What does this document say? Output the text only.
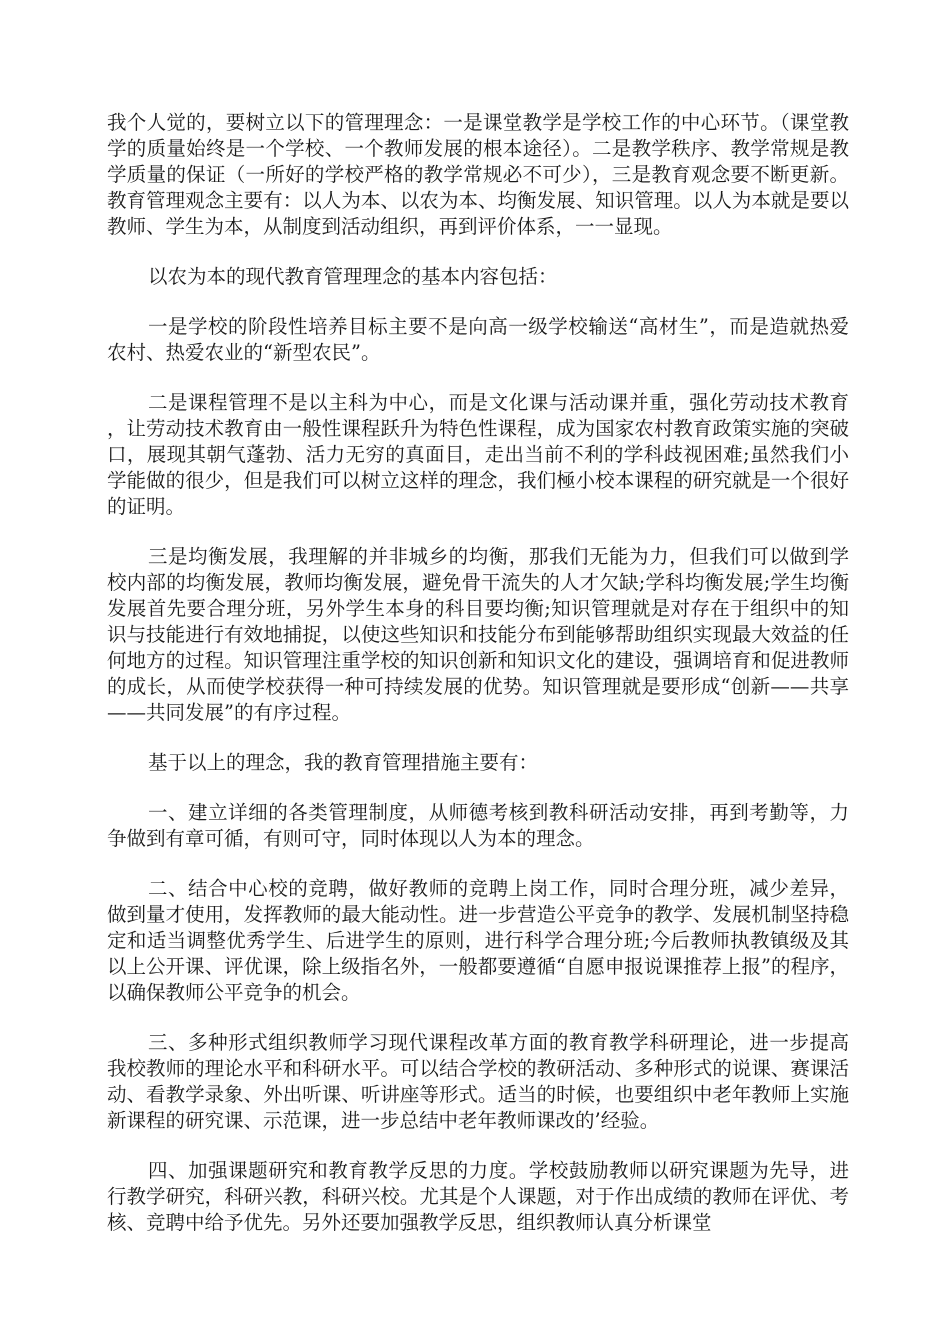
我个人觉的，要树立以下的管理理念：一是课堂教学是学校工作的中心环节。（课堂教学的质量始终是一个学校、一个教师发展的根本途径）。二是教学秩序、教学常规是教学质量的保证（一所好的学校严格的教学常规必不可少），三是教育观念要不断更新。教育管理观念主要有：以人为本、以农为本、均衡发展、知识管理。以人为本就是要以教师、学生为本，从制度到活动组织，再到评价体系，一一显现。

以农为本的现代教育管理理念的基本内容包括：

一是学校的阶段性培养目标主要不是向高一级学校输送“高材生”，而是造就热爱农村、热爱农业的“新型农民”。

二是课程管理不是以主科为中心，而是文化课与活动课并重，强化劳动技术教育，让劳动技术教育由一般性课程跃升为特色性课程，成为国家农村教育政策实施的突破口，展现其朝气蓬勃、活力无穷的真面目，走出当前不利的学科歧视困难;虽然我们小学能做的很少，但是我们可以树立这样的理念，我们極小校本课程的研究就是一个很好的证明。

三是均衡发展，我理解的并非城乡的均衡，那我们无能为力，但我们可以做到学校内部的均衡发展，教师均衡发展，避免骨干流失的人才欠缺;学科均衡发展;学生均衡发展首先要合理分班，另外学生本身的科目要均衡;知识管理就是对存在于组织中的知识与技能进行有效地捕捉，以使这些知识和技能分布到能够帮助组织实现最大效益的任何地方的过程。知识管理注重学校的知识创新和知识文化的建设，强调培育和促进教师的成长，从而使学校获得一种可持续发展的优势。知识管理就是要形成“创新——共享——共同发展”的有序过程。

基于以上的理念，我的教育管理措施主要有：

一、建立详细的各类管理制度，从师德考核到教科研活动安排，再到考勤等，力争做到有章可循，有则可守，同时体现以人为本的理念。

二、结合中心校的竞聘，做好教师的竞聘上岗工作，同时合理分班，减少差异，做到量才使用，发挥教师的最大能动性。进一步营造公平竞争的教学、发展机制坚持稳定和适当调整优秀学生、后进学生的原则，进行科学合理分班;今后教师执教镇级及其以上公开课、评优课，除上级指名外，一般都要遵循“自愿申报说课推荐上报”的程序，以确保教师公平竞争的机会。

三、多种形式组织教师学习现代课程改革方面的教育教学科研理论，进一步提高我校教师的理论水平和科研水平。可以结合学校的教研活动、多种形式的说课、赛课活动、看教学录象、外出听课、听讲座等形式。适当的时候，也要组织中老年教师上实施新课程的研究课、示范课，进一步总结中老年教师课改的’经验。

四、加强课题研究和教育教学反思的力度。学校鼓励教师以研究课题为先导，进行教学研究，科研兴教，科研兴校。尤其是个人课题，对于作出成绩的教师在评优、考核、竞聘中给予优先。另外还要加强教学反思，组织教师认真分析课堂
